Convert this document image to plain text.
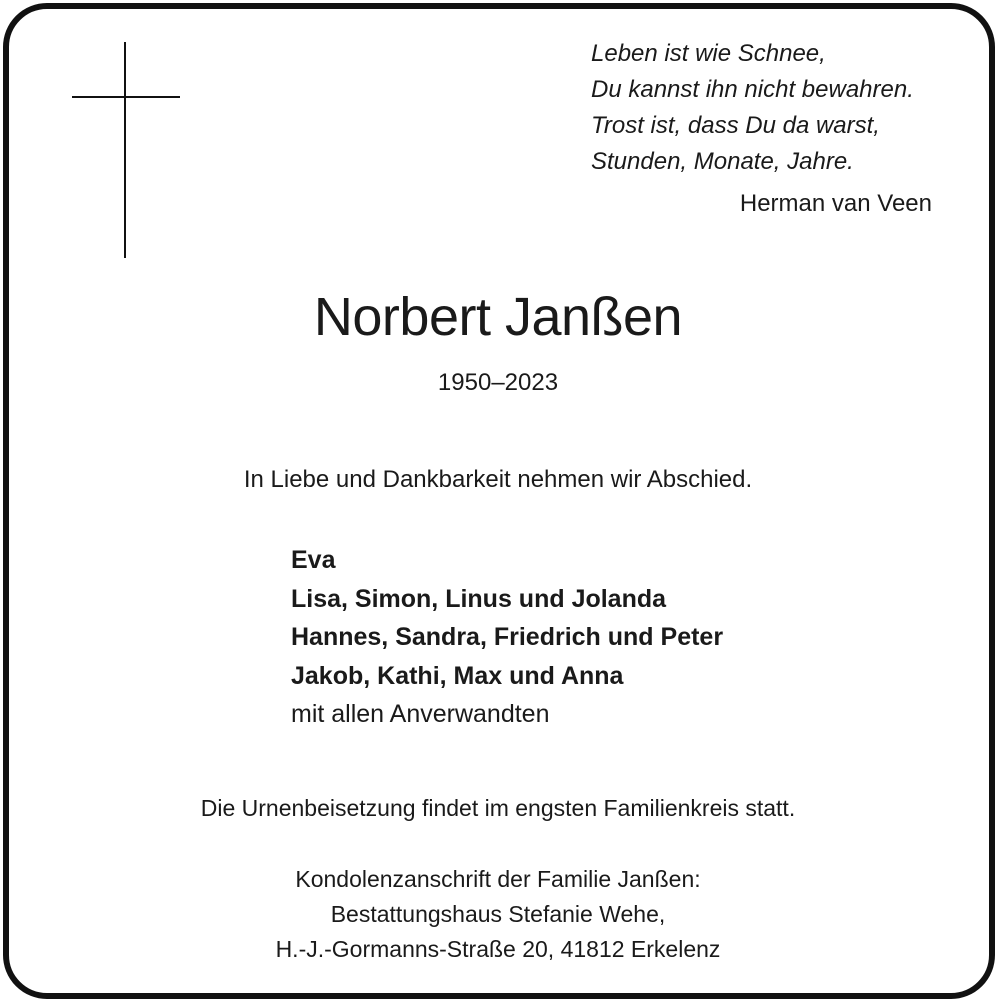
Leben ist wie Schnee,
Du kannst ihn nicht bewahren.
Trost ist, dass Du da warst,
Stunden, Monate, Jahre.
Herman van Veen
Norbert Janßen
1950–2023
In Liebe und Dankbarkeit nehmen wir Abschied.
Eva
Lisa, Simon, Linus und Jolanda
Hannes, Sandra, Friedrich und Peter
Jakob, Kathi, Max und Anna
mit allen Anverwandten
Die Urnenbeisetzung findet im engsten Familienkreis statt.
Kondolenzanschrift der Familie Janßen:
Bestattungshaus Stefanie Wehe,
H.-J.-Gormanns-Straße 20, 41812 Erkelenz
